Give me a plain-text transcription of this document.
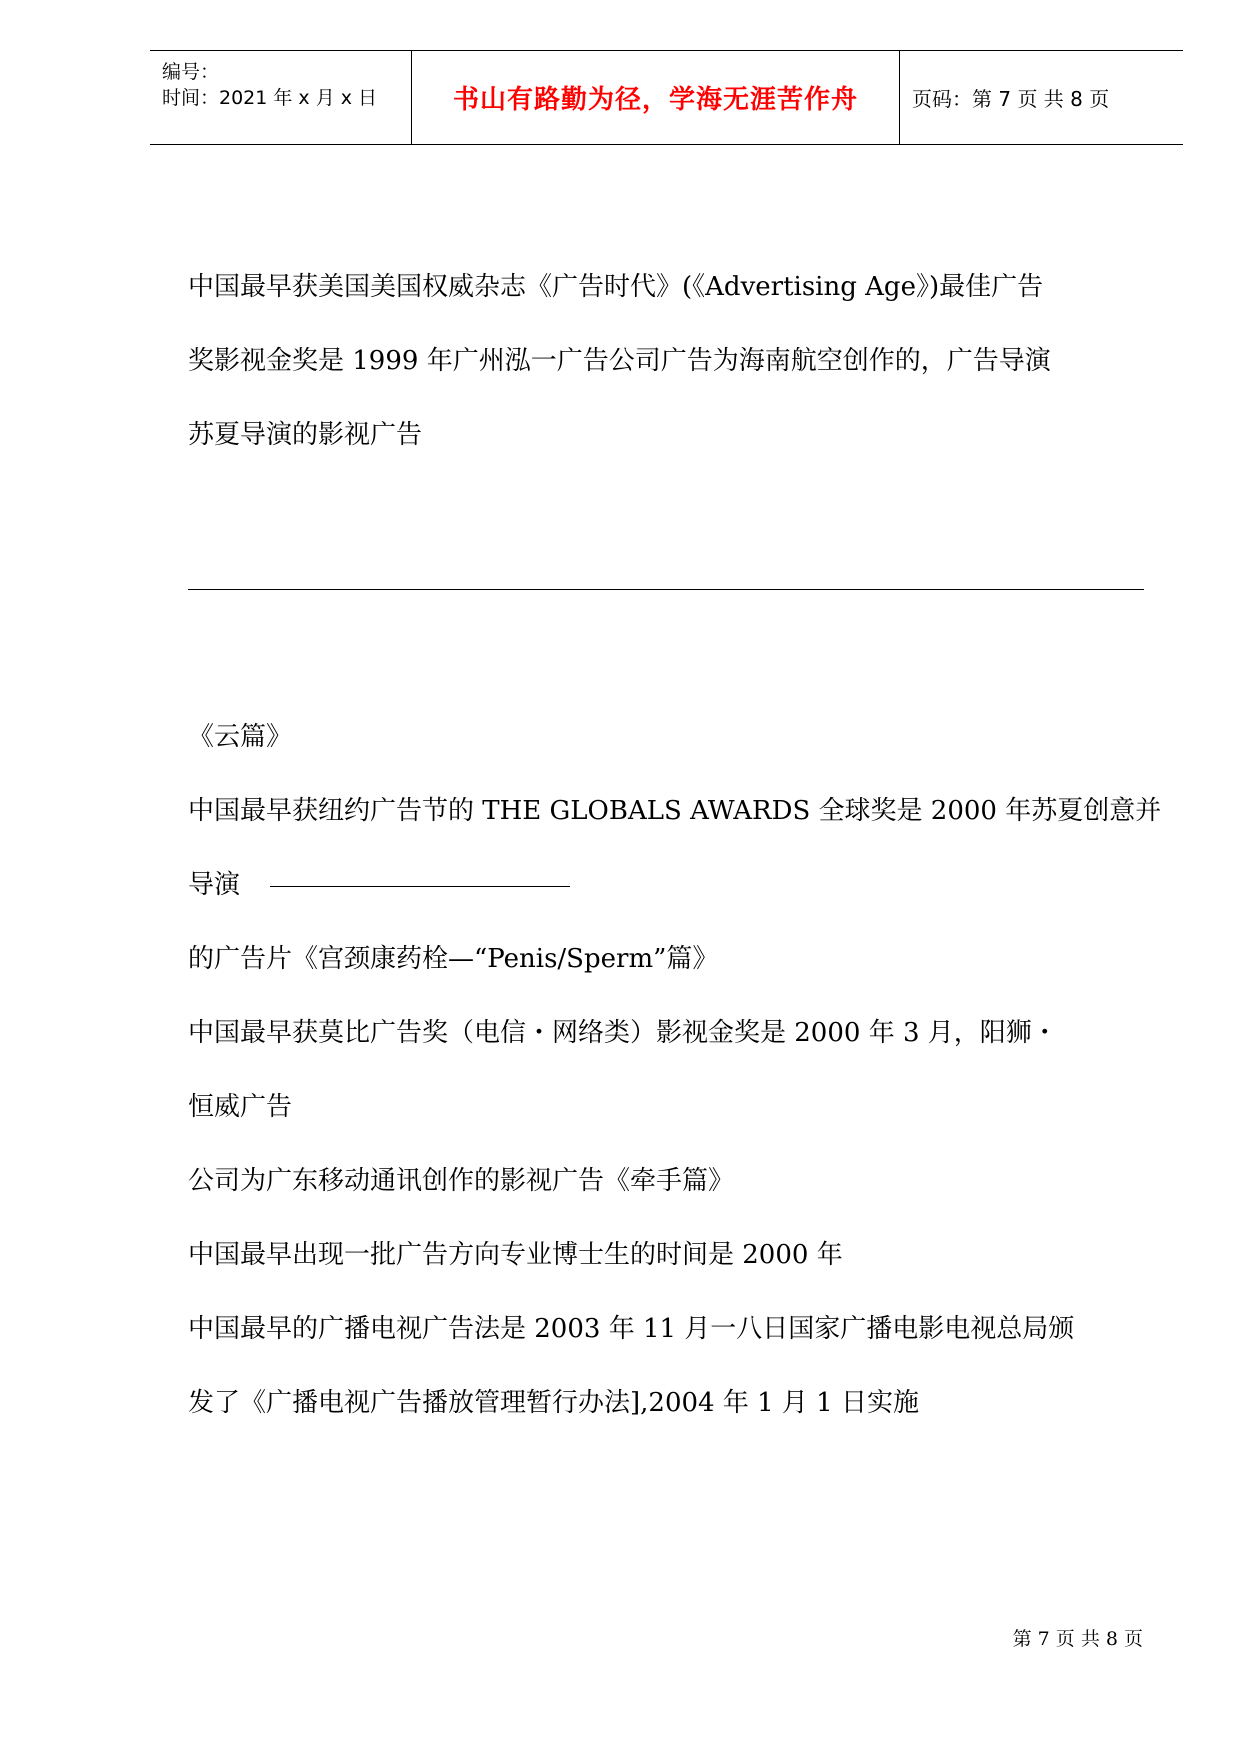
编号：
时间：2021 年 x 月 x 日	书山有路勤为径，学海无涯苦作舟	页码：第 7 页 共 8 页
中国最早获美国美国权威杂志《广告时代》(《Advertising Age》)最佳广告
奖影视金奖是 1999 年广州泓一广告公司广告为海南航空创作的，广告导演
苏夏导演的影视广告
《云篇》
中国最早获纽约广告节的 THE GLOBALS AWARDS 全球奖是 2000 年苏夏创意并
导演
的广告片《宫颈康药栓—“Penis/Sperm”篇》
中国最早获莫比广告奖（电信・网络类）影视金奖是 2000 年 3 月，阳狮・
恒威广告
公司为广东移动通讯创作的影视广告《牵手篇》
中国最早出现一批广告方向专业博士生的时间是 2000 年
中国最早的广播电视广告法是 2003 年 11 月一八日国家广播电影电视总局颁
发了《广播电视广告播放管理暂行办法],2004 年 1 月 1 日实施
第 7 页 共 8 页
